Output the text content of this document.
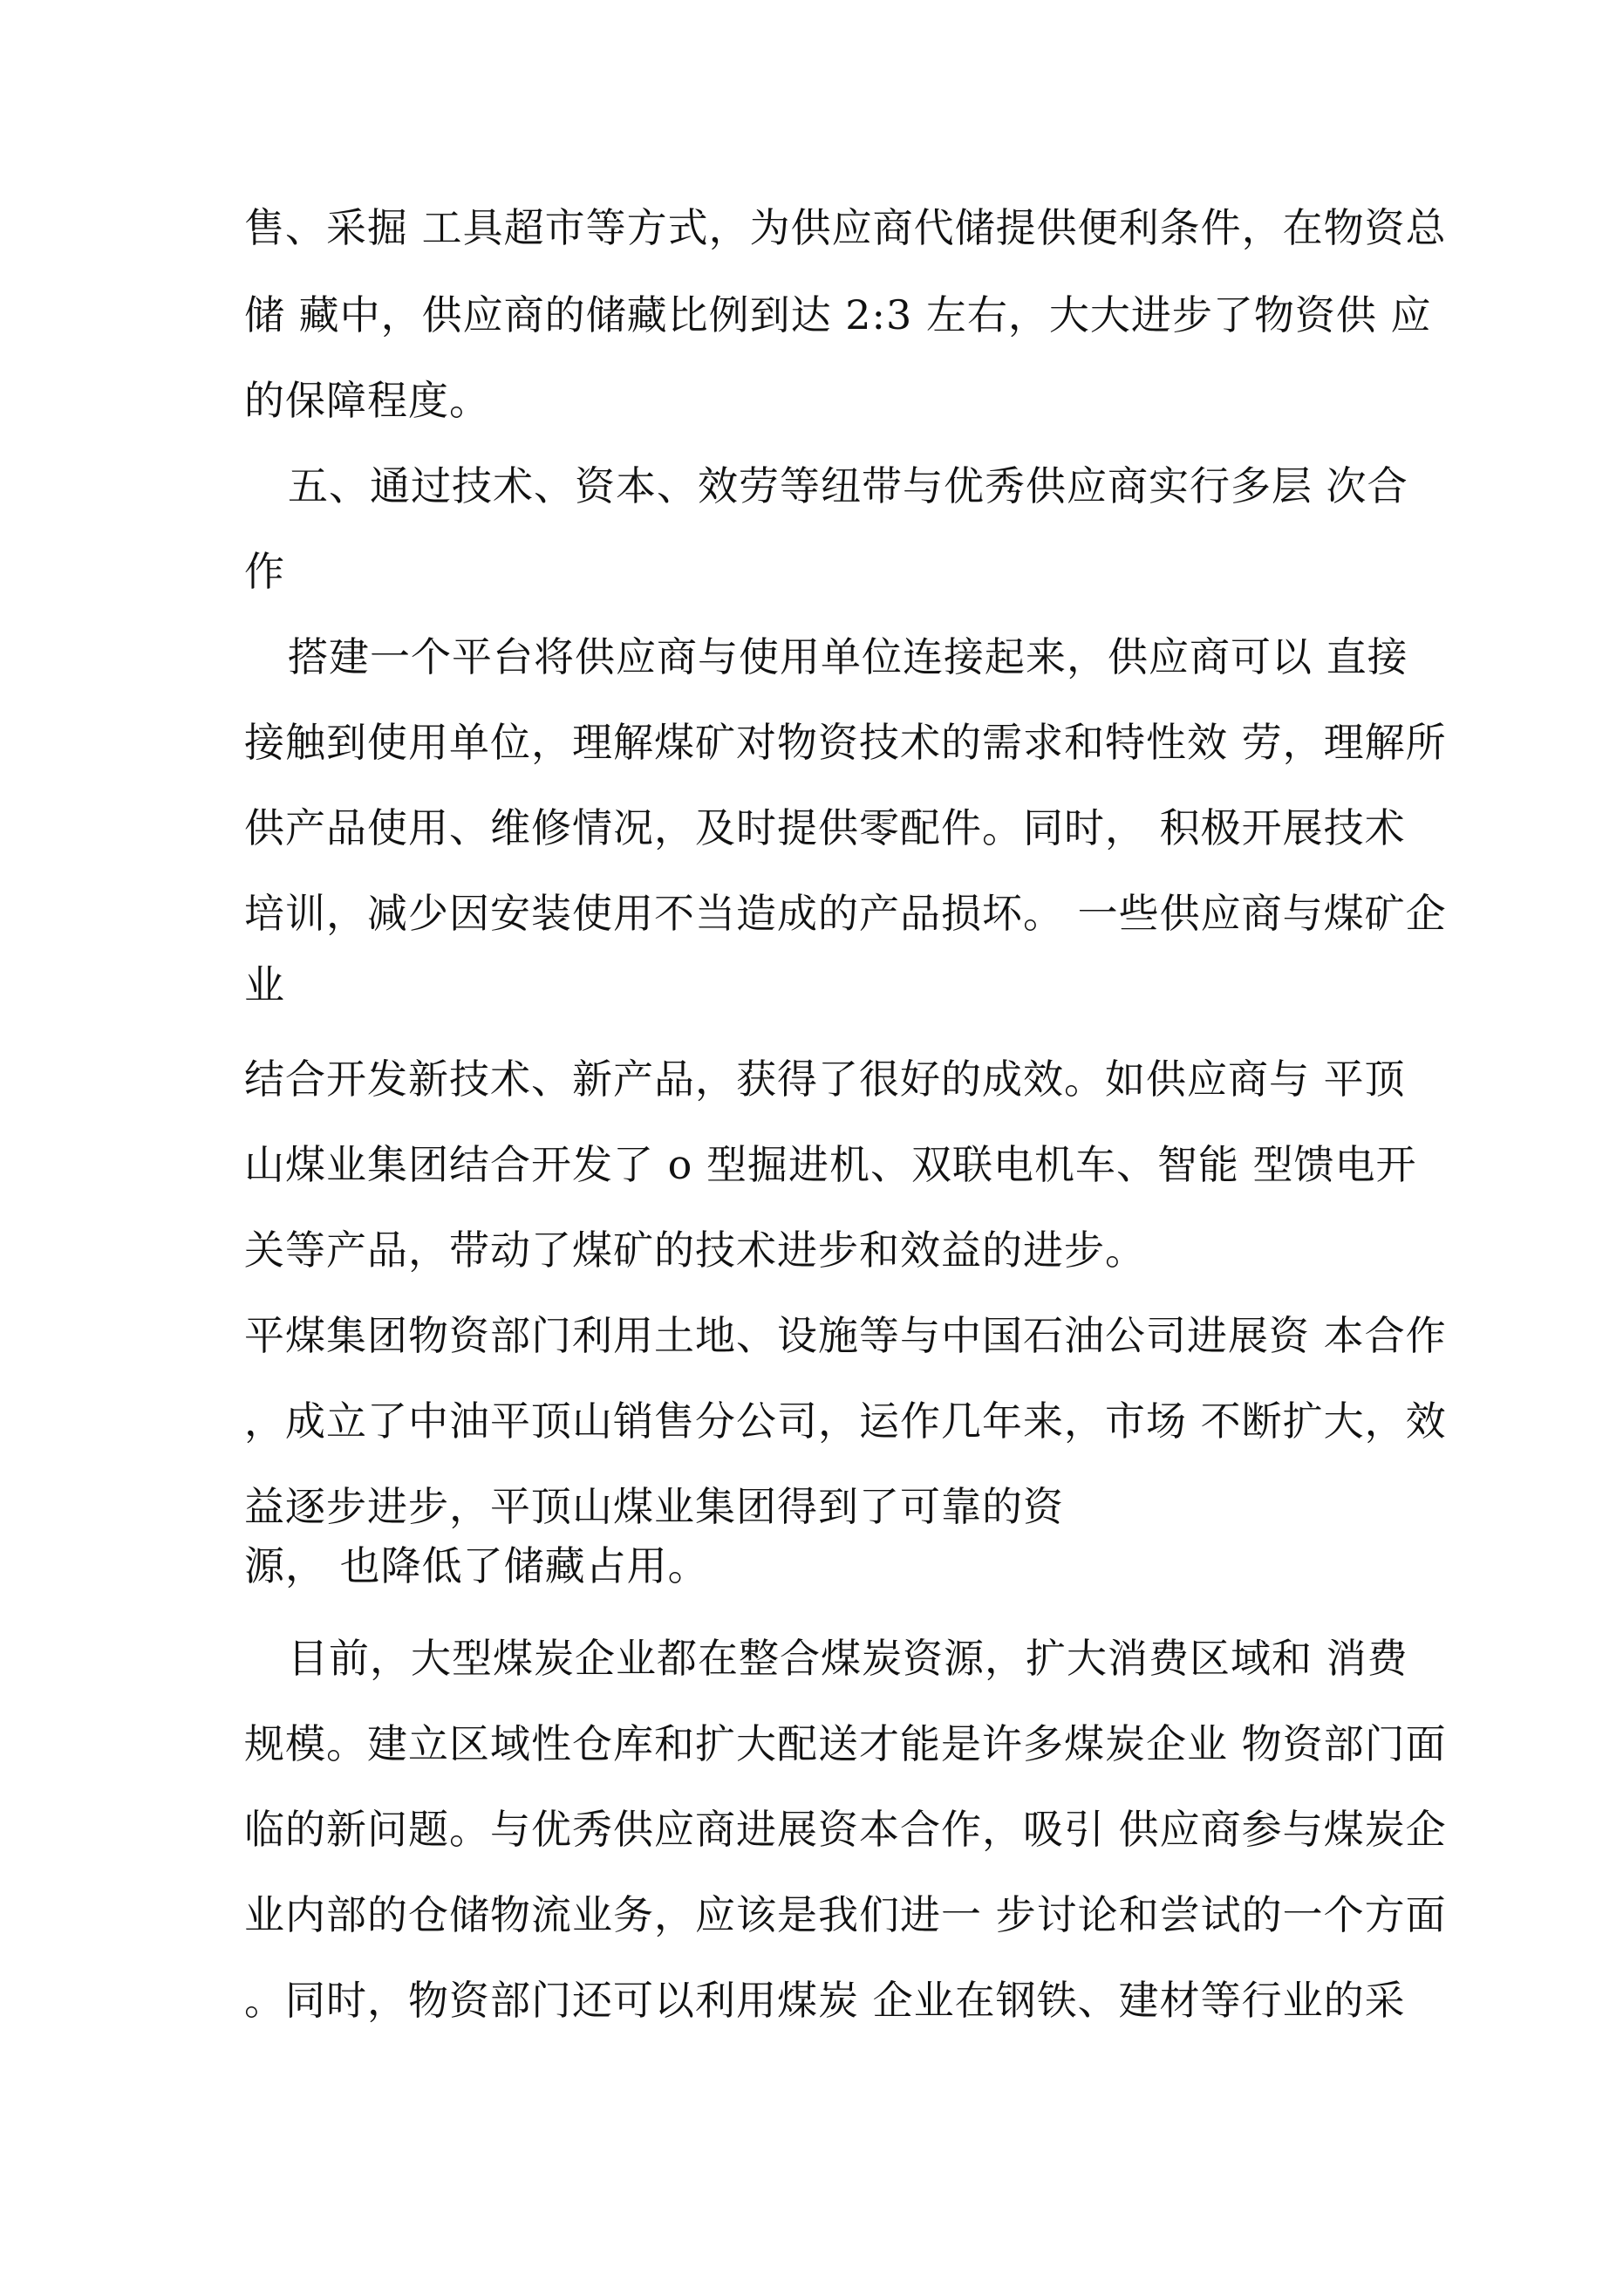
售、采掘 工具超市等方式，为供应商代储提供便利条件，在物资总
储 藏中，供应商的储藏比例到达 2:3 左右，大大进步了物资供 应
的保障程度。
五、通过技术、资本、效劳等纽带与优秀供应商实行多层 次合
作
搭建一个平台将供应商与使用单位连接起来，供应商可以 直接
接触到使用单位，理解煤矿对物资技术的需求和特性效 劳，理解所
供产品使用、维修情况，及时提供零配件。同时， 积极开展技术
培训，减少因安装使用不当造成的产品损坏。 一些供应商与煤矿企
业
结合开发新技术、新产品，获得了很好的成效。如供应商与 平顶
山煤业集团结合开发了 o 型掘进机、双联电机车、智能 型馈电开
关等产品，带动了煤矿的技术进步和效益的进步。
平煤集团物资部门利用土地、设施等与中国石油公司进展资 本合作
，成立了中油平顶山销售分公司，运作几年来，市场 不断扩大，效
益逐步进步，平顶山煤业集团得到了可靠的资
源， 也降低了储藏占用。
目前，大型煤炭企业都在整合煤炭资源，扩大消费区域和 消费
规模。建立区域性仓库和扩大配送才能是许多煤炭企业 物资部门面
临的新问题。与优秀供应商进展资本合作，吸引 供应商参与煤炭企
业内部的仓储物流业务，应该是我们进一 步讨论和尝试的一个方面
。同时，物资部门还可以利用煤炭 企业在钢铁、建材等行业的采
